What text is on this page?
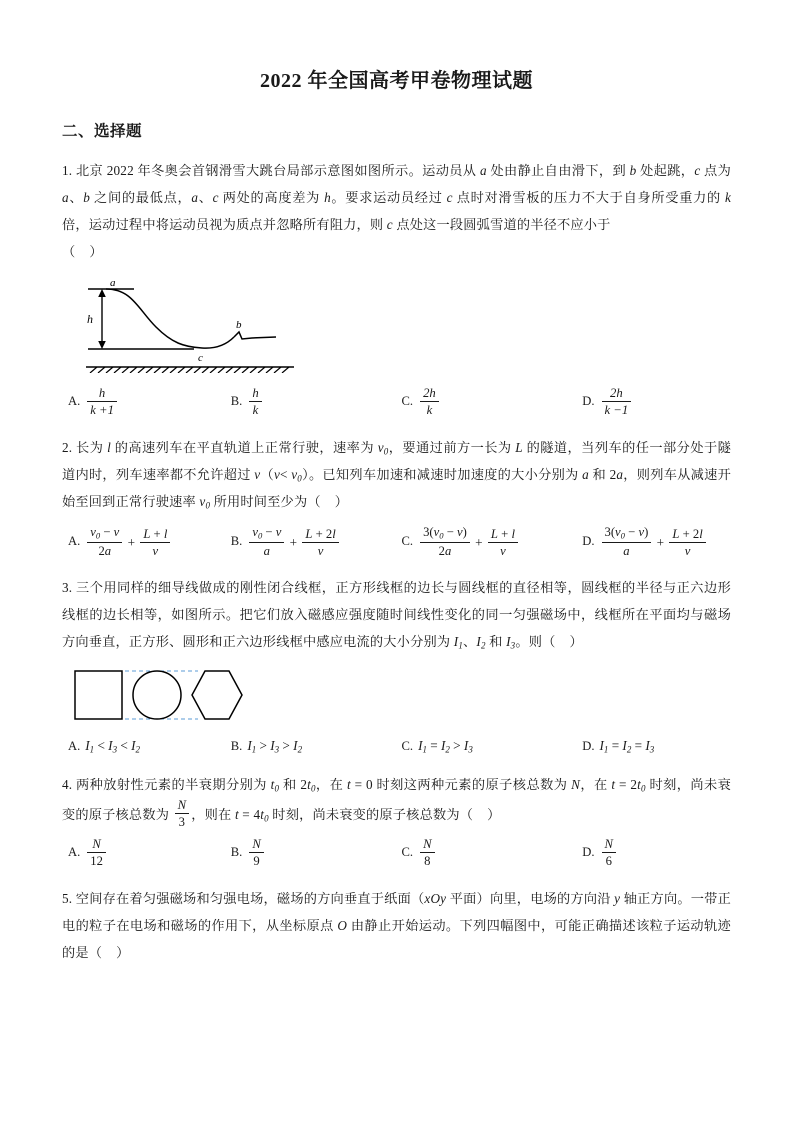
2022 年全国高考甲卷物理试题
二、选择题
1. 北京 2022 年冬奥会首钢滑雪大跳台局部示意图如图所示。运动员从 a 处由静止自由滑下，到 b 处起跳，c 点为 a、b 之间的最低点，a、c 两处的高度差为 h。要求运动员经过 c 点时对滑雪板的压力不大于自身所受重力的 k 倍，运动过程中将运动员视为质点并忽略所有阻力，则 c 点处这一段圆弧雪道的半径不应小于
（    ）
a
b
c
h
A. $\frac{h}{k +1}$	B. $\frac{h}{k}$	C. $\frac{2h}{k}$	D. $\frac{2h}{k -1}$
2. 长为 l 的高速列车在平直轨道上正常行驶，速率为 $v_0$，要通过前方一长为 L 的隧道，当列车的任一部分处于隧道内时，列车速率都不允许超过 $v(v< v_0)$。已知列车加速和减速时加速度的大小分别为 a 和 2a，则列车从减速开始至回到正常行驶速率 $v_0$ 所用时间至少为（    ）
A. $\frac{v_0 - v}{2a} + \frac{L + l}{v}$	B. $\frac{v_0 - v}{a} + \frac{L + 2l}{v}$	C. $\frac{3(v_0 - v)}{2a} + \frac{L + l}{v}$	D. $\frac{3(v_0 - v)}{a} + \frac{L + 2l}{v}$
3. 三个用同样的细导线做成的刚性闭合线框，正方形线框的边长与圆线框的直径相等，圆线框的半径与正六边形线框的边长相等，如图所示。把它们放入磁感应强度随时间线性变化的同一匀强磁场中，线框所在平面均与磁场方向垂直，正方形、圆形和正六边形线框中感应电流的大小分别为 $I_1$、$I_2$ 和 $I_3$。则（    ）
A. $I_1 < I_3 < I_2$	B. $I_1 > I_3 > I_2$	C. $I_1 = I_2 > I_3$	D. $I_1 = I_2 = I_3$
4. 两种放射性元素的半衰期分别为 $t_0$ 和 $2t_0$，在 t = 0 时刻这两种元素的原子核总数为 N，在 $t = 2t_0$ 时刻，尚未衰变的原子核总数为 $\frac{N}{3}$ ，则在 $t = 4t_0$ 时刻，尚未衰变的原子核总数为（    ）
A. $\frac{N}{12}$	B. $\frac{N}{9}$	C. $\frac{N}{8}$	D. $\frac{N}{6}$
5. 空间存在着匀强磁场和匀强电场，磁场的方向垂直于纸面（xOy 平面）向里，电场的方向沿 y 轴正方向。一带正电的粒子在电场和磁场的作用下，从坐标原点 O 由静止开始运动。下列四幅图中，可能正确描述该粒子运动轨迹的是（    ）
